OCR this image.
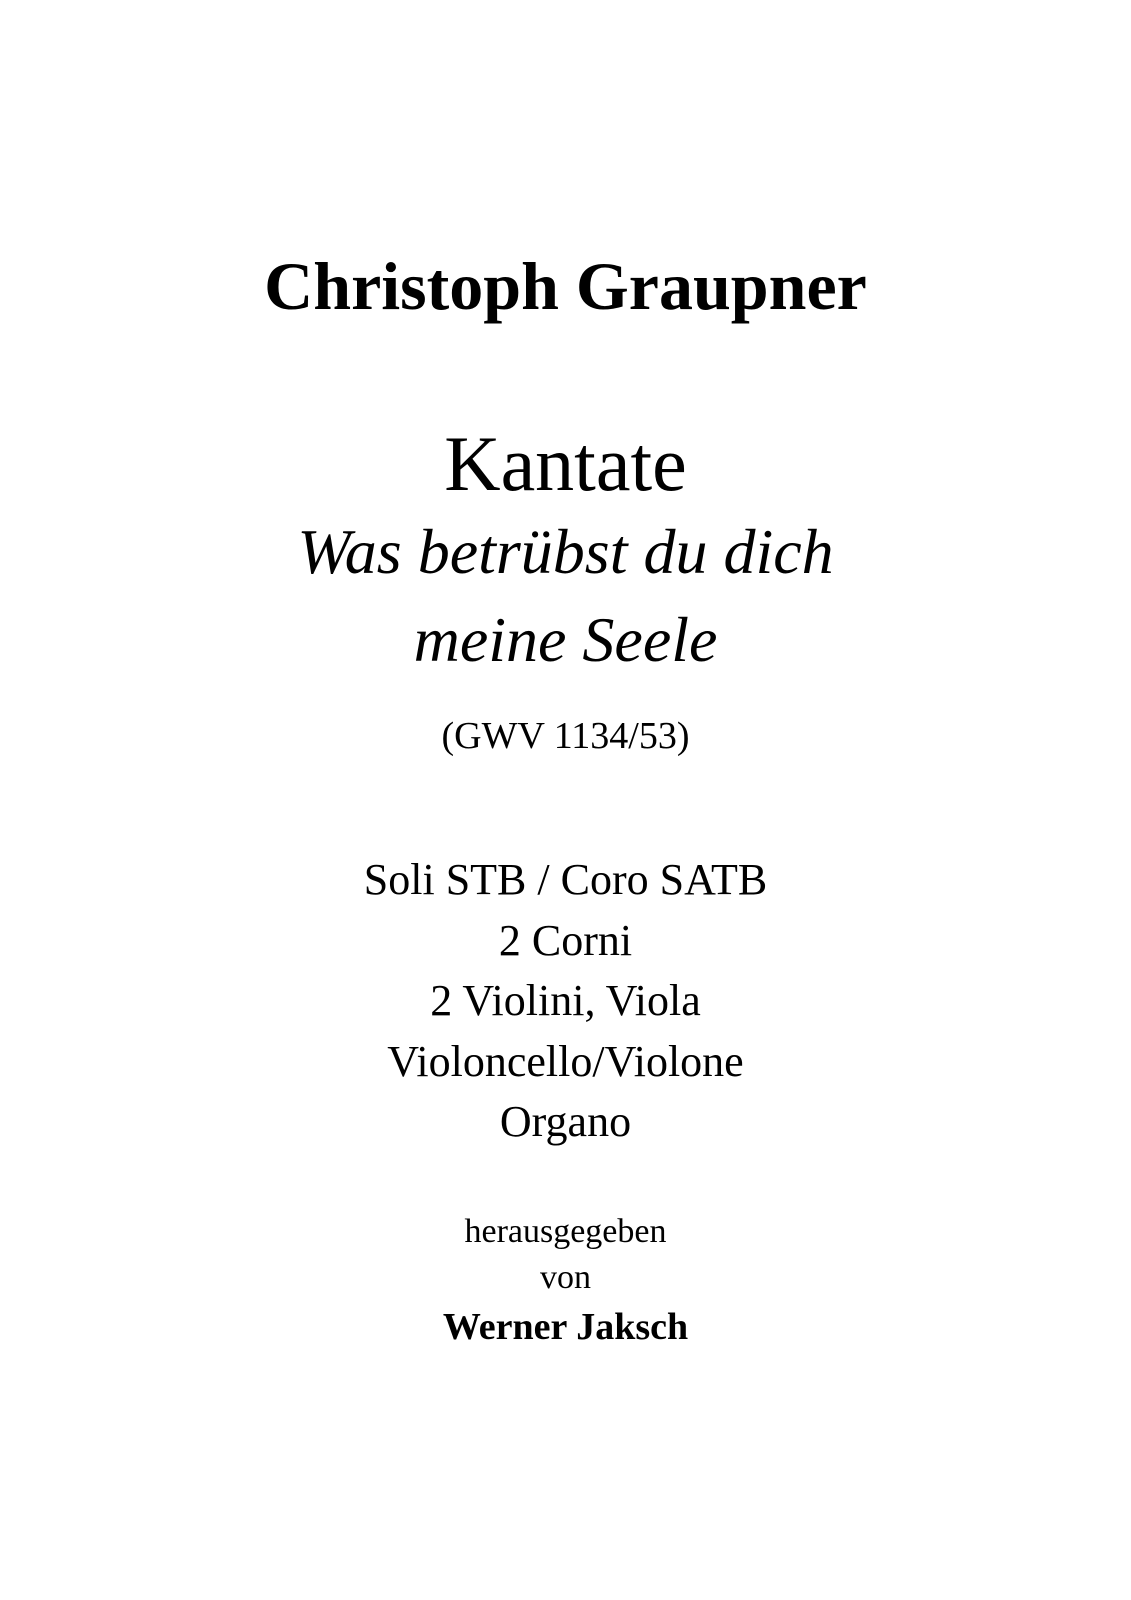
Christoph Graupner
Kantate
Was betrübst du dich
meine Seele
(GWV 1134/53)
Soli STB / Coro SATB
2 Corni
2 Violini, Viola
Violoncello/Violone
Organo
herausgegeben
von
Werner Jaksch
